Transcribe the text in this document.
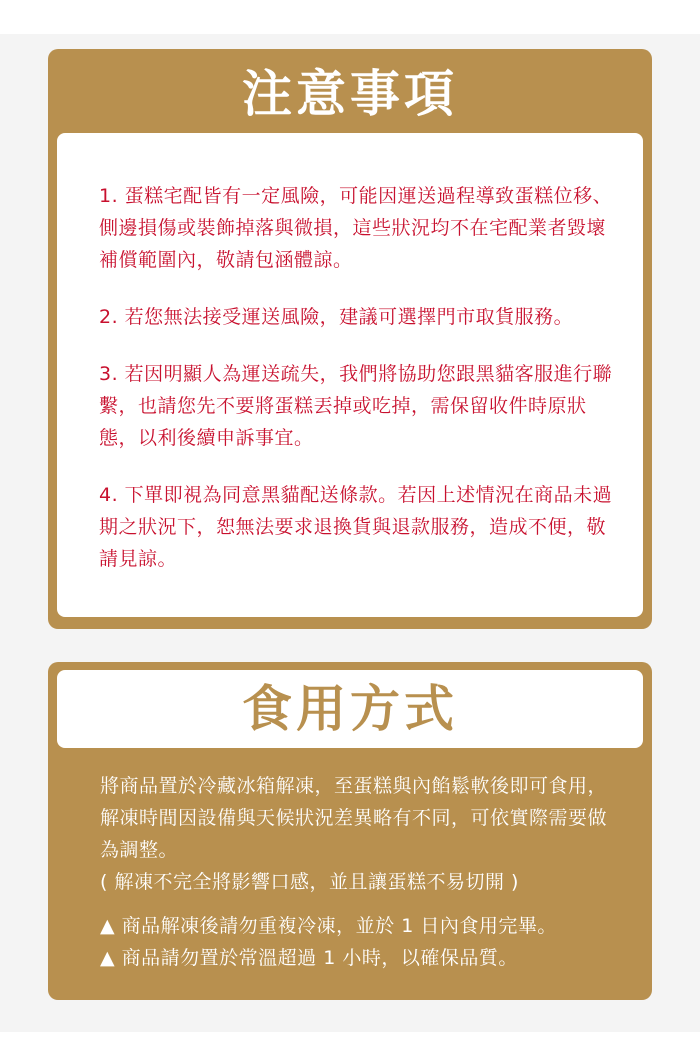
注意事項

1. 蛋糕宅配皆有一定風險，可能因運送過程導致蛋糕位移、側邊損傷或裝飾掉落與微損，這些狀況均不在宅配業者毀壞補償範圍內，敬請包涵體諒。

2. 若您無法接受運送風險，建議可選擇門市取貨服務。

3. 若因明顯人為運送疏失，我們將協助您跟黑貓客服進行聯繫，也請您先不要將蛋糕丟掉或吃掉，需保留收件時原狀態，以利後續申訴事宜。

4. 下單即視為同意黑貓配送條款。若因上述情況在商品未過期之狀況下，恕無法要求退換貨與退款服務，造成不便，敬請見諒。

食用方式

將商品置於冷藏冰箱解凍，至蛋糕與內餡鬆軟後即可食用，解凍時間因設備與天候狀況差異略有不同，可依實際需要做為調整。

( 解凍不完全將影響口感，並且讓蛋糕不易切開 )

▲ 商品解凍後請勿重複冷凍，並於 1 日內食用完畢。

▲ 商品請勿置於常溫超過 1 小時，以確保品質。
